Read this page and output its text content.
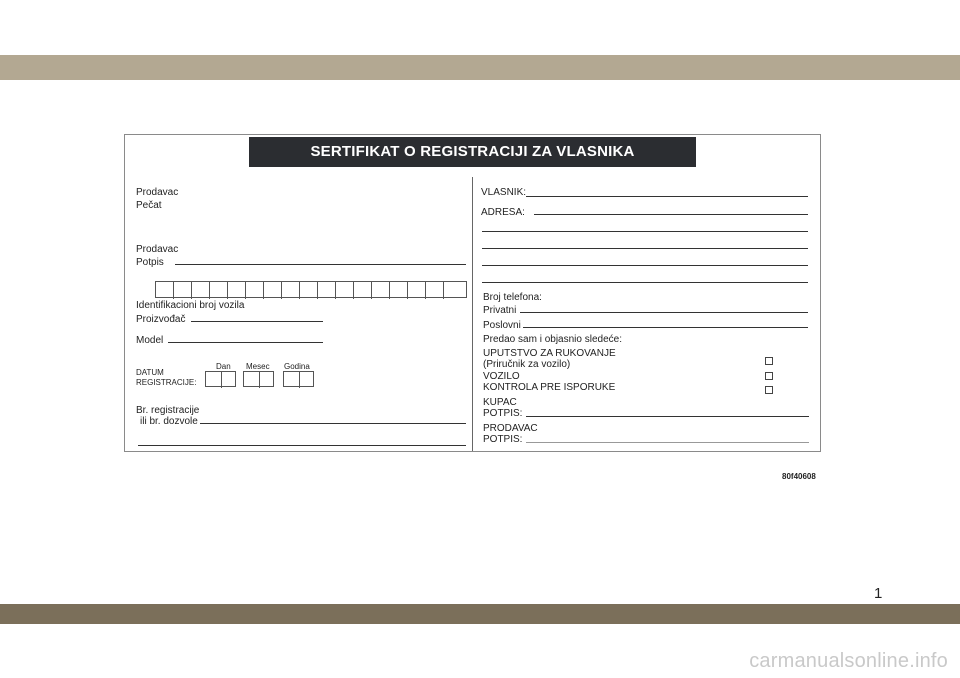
SERTIFIKAT O REGISTRACIJI ZA VLASNIKA
Prodavac
Pečat
Prodavac
Potpis
Identifikacioni broj vozila
Proizvođač
Model
Dan Mesec Godina
DATUM
REGISTRACIJE:
Br. registracije
ili br. dozvole
VLASNIK:
ADRESA:
Broj telefona:
Privatni
Poslovni
Predao sam i objasnio sledeće:
UPUTSTVO ZA RUKOVANJE
(Priručnik za vozilo)
VOZILO
KONTROLA PRE ISPORUKE
KUPAC
POTPIS:
PRODAVAC
POTPIS:
80f40608
1
carmanualsonline.info
